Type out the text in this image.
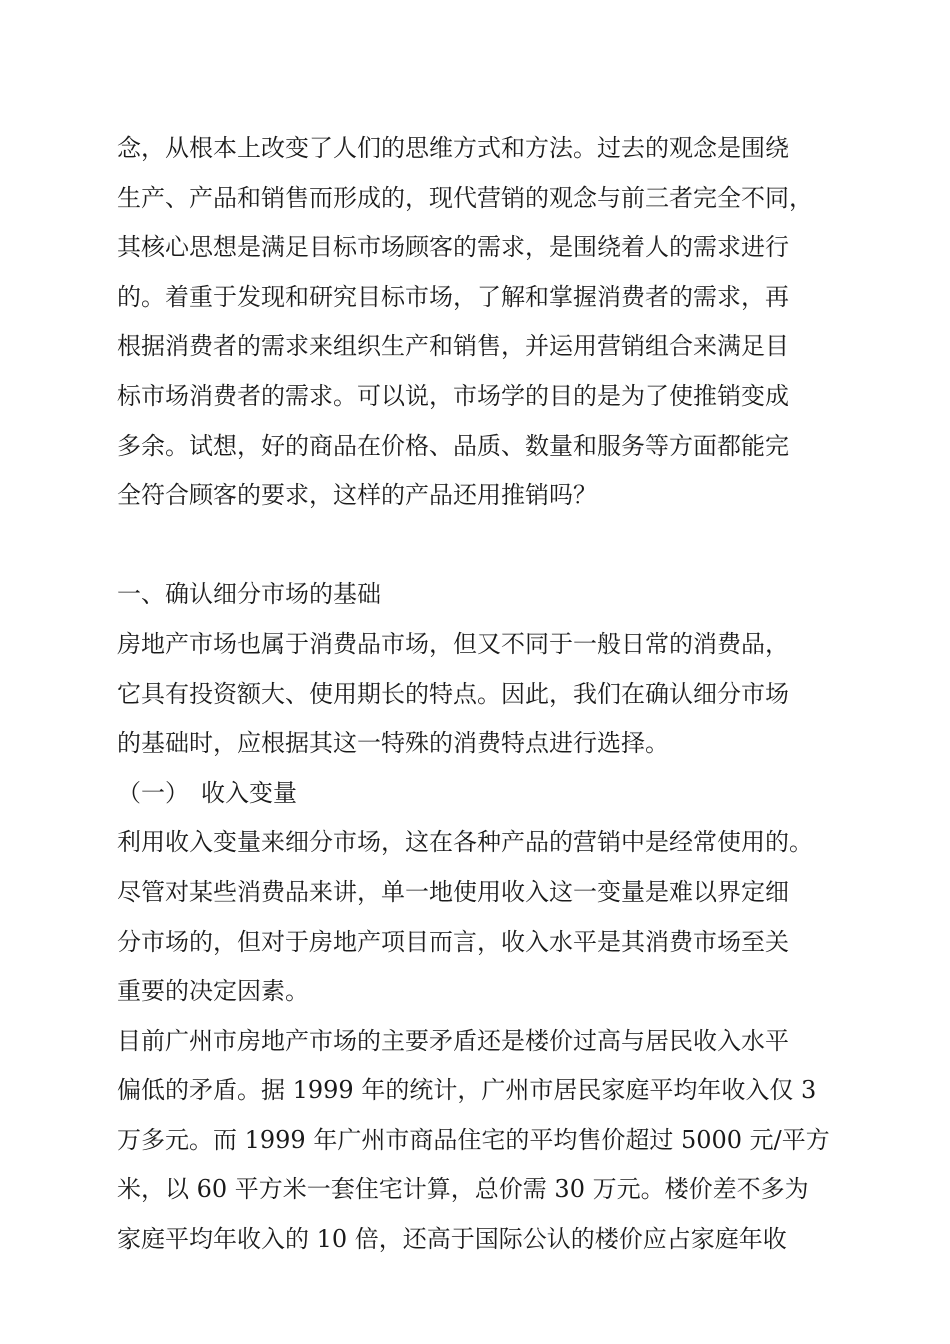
念，从根本上改变了人们的思维方式和方法。过去的观念是围绕
生产、产品和销售而形成的，现代营销的观念与前三者完全不同，
其核心思想是满足目标市场顾客的需求，是围绕着人的需求进行
的。着重于发现和研究目标市场，了解和掌握消费者的需求，再
根据消费者的需求来组织生产和销售，并运用营销组合来满足目
标市场消费者的需求。可以说，市场学的目的是为了使推销变成
多余。试想，好的商品在价格、品质、数量和服务等方面都能完
全符合顾客的要求，这样的产品还用推销吗？
一、确认细分市场的基础
房地产市场也属于消费品市场，但又不同于一般日常的消费品，
它具有投资额大、使用期长的特点。因此，我们在确认细分市场
的基础时，应根据其这一特殊的消费特点进行选择。
（一）　收入变量
利用收入变量来细分市场，这在各种产品的营销中是经常使用的。
尽管对某些消费品来讲，单一地使用收入这一变量是难以界定细
分市场的，但对于房地产项目而言，收入水平是其消费市场至关
重要的决定因素。
目前广州市房地产市场的主要矛盾还是楼价过高与居民收入水平
偏低的矛盾。据 1999 年的统计，广州市居民家庭平均年收入仅 3
万多元。而 1999 年广州市商品住宅的平均售价超过 5000 元/平方
米，以 60 平方米一套住宅计算，总价需 30 万元。楼价差不多为
家庭平均年收入的 10 倍，还高于国际公认的楼价应占家庭年收
